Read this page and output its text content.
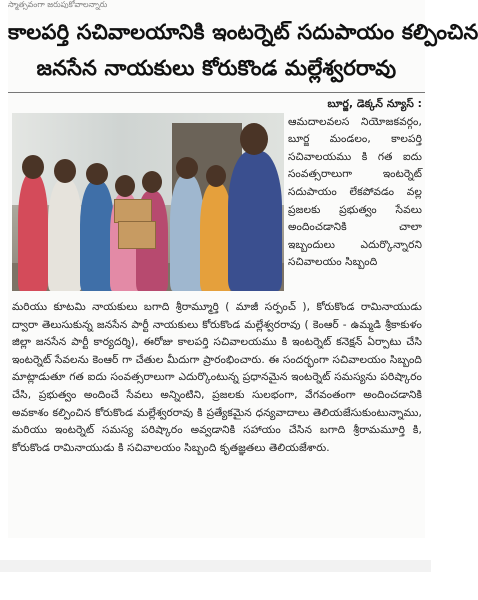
స్మాత్సవంగా జరుపుకోవాలన్నారు
కాలపర్తి సచివాలయానికి ఇంటర్నెట్ సదుపాయం కల్పించిన
జనసేన నాయకులు కోరుకొండ మల్లేశ్వరరావు
బూర్జ, డెక్కన్ న్యూస్ :
ఆమదాలవలస నియోజకవర్గం, బూర్జ మండలం, కాలపర్తి సచివాలయము కి గత ఐదు సంవత్సరాలుగా ఇంటర్నెట్ సదుపాయం లేకపోవడం వల్ల ప్రజలకు ప్రభుత్వం సేవలు అందించడానికి చాలా ఇబ్బందులు ఎదుర్కొన్నారని సచివాలయం సిబ్బంది
మరియు కూటమి నాయకులు బగాది శ్రీరామ్మూర్తి ( మాజీ సర్పంచ్ ), కోరుకొండ రామినాయుడు ద్వారా తెలుసుకున్న జనసేన పార్టీ నాయకులు కోరుకొండ మల్లేశ్వరరావు ( కెంఆర్ - ఉమ్మడి శ్రీకాకుళం జిల్లా జనసేన పార్టీ కార్యదర్శి), ఈరోజు కాలపర్తి సచివాలయము కి ఇంటర్నెట్ కనెక్షన్ ఏర్పాటు చేసి ఇంటర్నెట్ సేవలను కెంఆర్ గా చేతుల మీదుగా ప్రారంభించారు. ఈ సందర్భంగా సచివాలయం సిబ్బంది మాట్లాడుతూ గత ఐదు సంవత్సరాలుగా ఎదుర్కొంటున్న ప్రధానమైన ఇంటర్నెట్ సమస్యను పరిష్కారం చేసి, ప్రభుత్వం అందించే సేవలు అన్నింటిని, ప్రజలకు సులభంగా, వేగవంతంగా అందించడానికి అవకాశం కల్పించిన కోరుకొండ మల్లేశ్వరరావు కి ప్రత్యేకమైన ధన్యవాదాలు తెలియజేసుకుంటున్నాము, మరియు ఇంటర్నెట్ సమస్య పరిష్కారం అవ్వడానికి సహాయం చేసిన బగాది శ్రీరామమూర్తి కి, కోరుకొండ రామినాయుడు కి సచివాలయం సిబ్బంది కృతజ్ఞతలు తెలియజేశారు.
